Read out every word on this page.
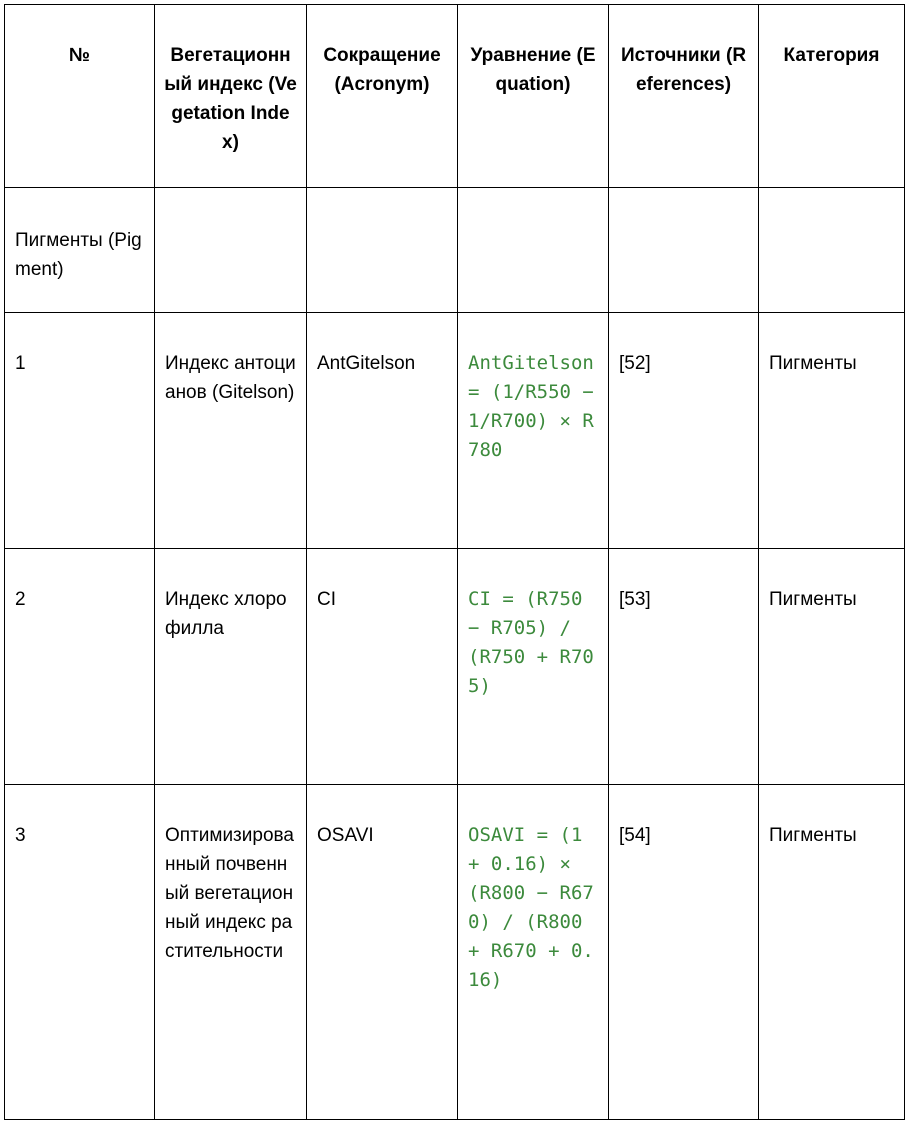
№	Вегетационный индекс (Vegetation Index)	Сокращение (Acronym)	Уравнение (Equation)	Источники (References)	Категория
Пигменты (Pigment)					
1	Индекс антоцианов (Gitelson)	AntGitelson	AntGitelson = (1/R550 − 1/R700) × R780	[52]	Пигменты
2	Индекс хлорофилла	CI	CI = (R750 − R705) / (R750 + R705)	[53]	Пигменты
3	Оптимизированный почвенный вегетационный индекс растительности	OSAVI	OSAVI = (1 + 0.16) × (R800 − R670) / (R800 + R670 + 0.16)	[54]	Пигменты
